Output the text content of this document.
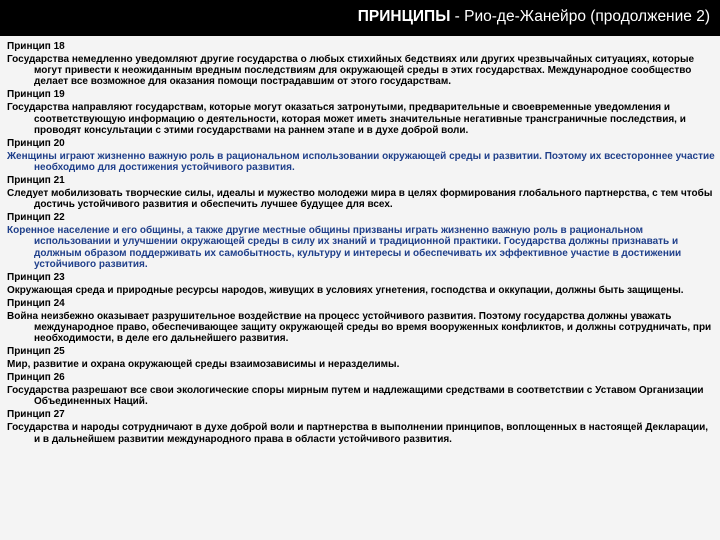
ПРИНЦИПЫ - Рио-де-Жанейро (продолжение 2)

Принцип 18

Государства немедленно уведомляют другие государства о любых стихийных бедствиях или других чрезвычайных ситуациях, которые могут привести к неожиданным вредным последствиям для окружающей среды в этих государствах. Международное сообщество делает все возможное для оказания помощи пострадавшим от этого государствам.

Принцип 19

Государства направляют государствам, которые могут оказаться затронутыми, предварительные и своевременные уведомления и соответствующую информацию о деятельности, которая может иметь значительные негативные трансграничные последствия, и проводят консультации с этими государствами на раннем этапе и в духе доброй воли.

Принцип 20

Женщины играют жизненно важную роль в рациональном использовании окружающей среды и развитии. Поэтому их всестороннее участие необходимо для достижения устойчивого развития.

Принцип 21

Следует мобилизовать творческие силы, идеалы и мужество молодежи мира в целях формирования глобального партнерства, с тем чтобы достичь устойчивого развития и обеспечить лучшее будущее для всех.

Принцип 22

Коренное население и его общины, а также другие местные общины призваны играть жизненно важную роль в рациональном использовании и улучшении окружающей среды в силу их знаний и традиционной практики. Государства должны признавать и должным образом поддерживать их самобытность, культуру и интересы и обеспечивать их эффективное участие в достижении устойчивого развития.

Принцип 23

Окружающая среда и природные ресурсы народов, живущих в условиях угнетения, господства и оккупации, должны быть защищены.

Принцип 24

Война неизбежно оказывает разрушительное воздействие на процесс устойчивого развития. Поэтому государства должны уважать международное право, обеспечивающее защиту окружающей среды во время вооруженных конфликтов, и должны сотрудничать, при необходимости, в деле его дальнейшего развития.

Принцип 25

Мир, развитие и охрана окружающей среды взаимозависимы и неразделимы.

Принцип 26

Государства разрешают все свои экологические споры мирным путем и надлежащими средствами в соответствии с Уставом Организации Объединенных Наций.

Принцип 27

Государства и народы сотрудничают в духе доброй воли и партнерства в выполнении принципов, воплощенных в настоящей Декларации, и в дальнейшем развитии международного права в области устойчивого развития.
